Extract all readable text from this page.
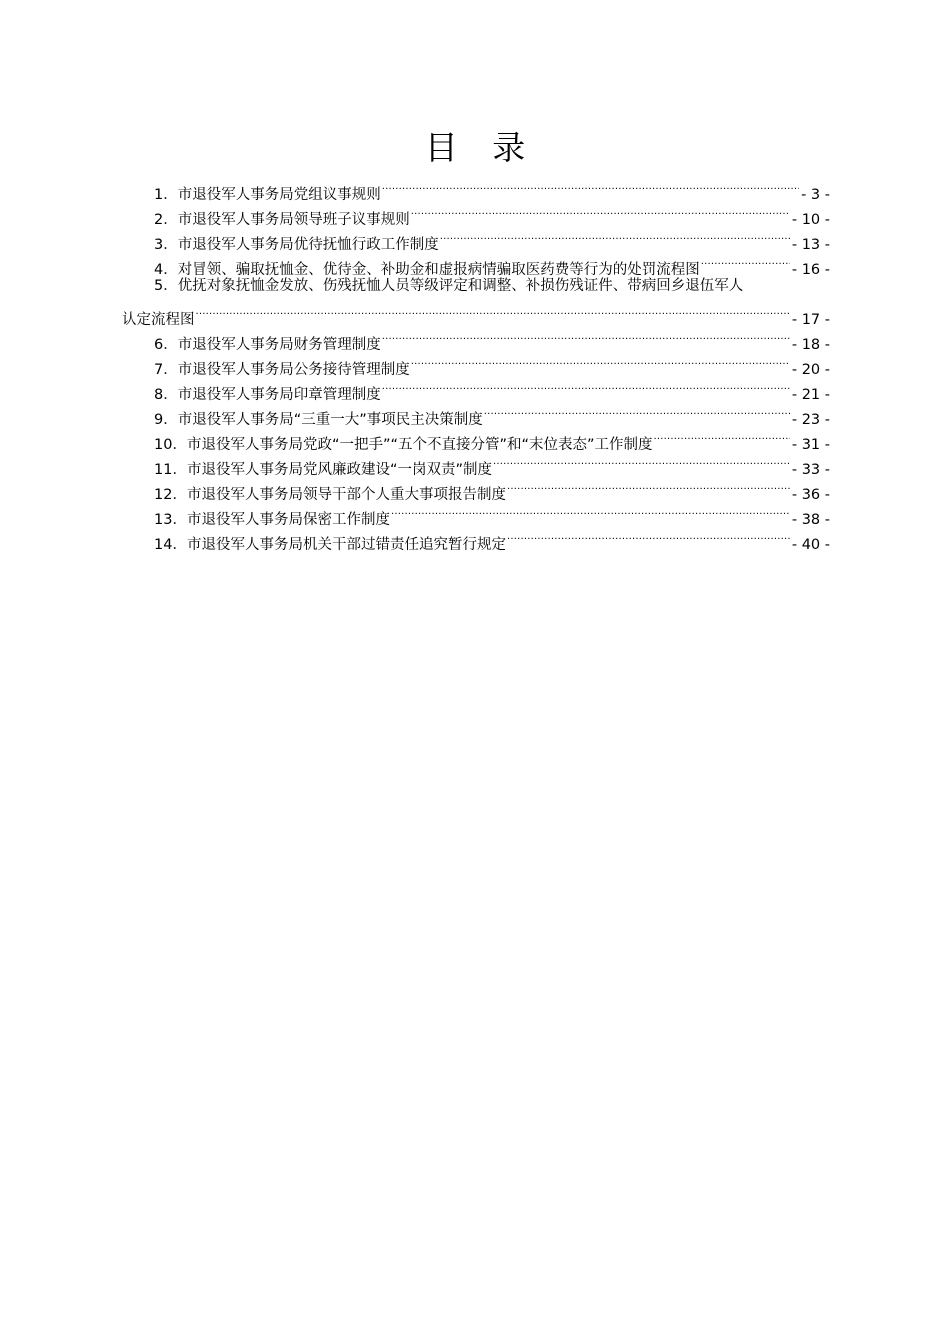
目 录
1．市退役军人事务局党组议事规则 .....	- 3 -
2．市退役军人事务局领导班子议事规则 .....	- 10 -
3．市退役军人事务局优待抚恤行政工作制度 .....	- 13 -
4．对冒领、骗取抚恤金、优待金、补助金和虚报病情骗取医药费等行为的处罚流程图 .....	- 16 -
5．优抚对象抚恤金发放、伤残抚恤人员等级评定和调整、补损伤残证件、带病回乡退伍军人
认定流程图 .....	- 17 -
6．市退役军人事务局财务管理制度 .....	- 18 -
7．市退役军人事务局公务接待管理制度 .....	- 20 -
8．市退役军人事务局印章管理制度 .....	- 21 -
9．市退役军人事务局“三重一大”事项民主决策制度 .....	- 23 -
10．市退役军人事务局党政“一把手”“五个不直接分管”和“末位表态”工作制度 .....	- 31 -
11．市退役军人事务局党风廉政建设“一岗双责”制度 .....	- 33 -
12．市退役军人事务局领导干部个人重大事项报告制度 .....	- 36 -
13．市退役军人事务局保密工作制度 .....	- 38 -
14．市退役军人事务局机关干部过错责任追究暂行规定 .....	- 40 -
